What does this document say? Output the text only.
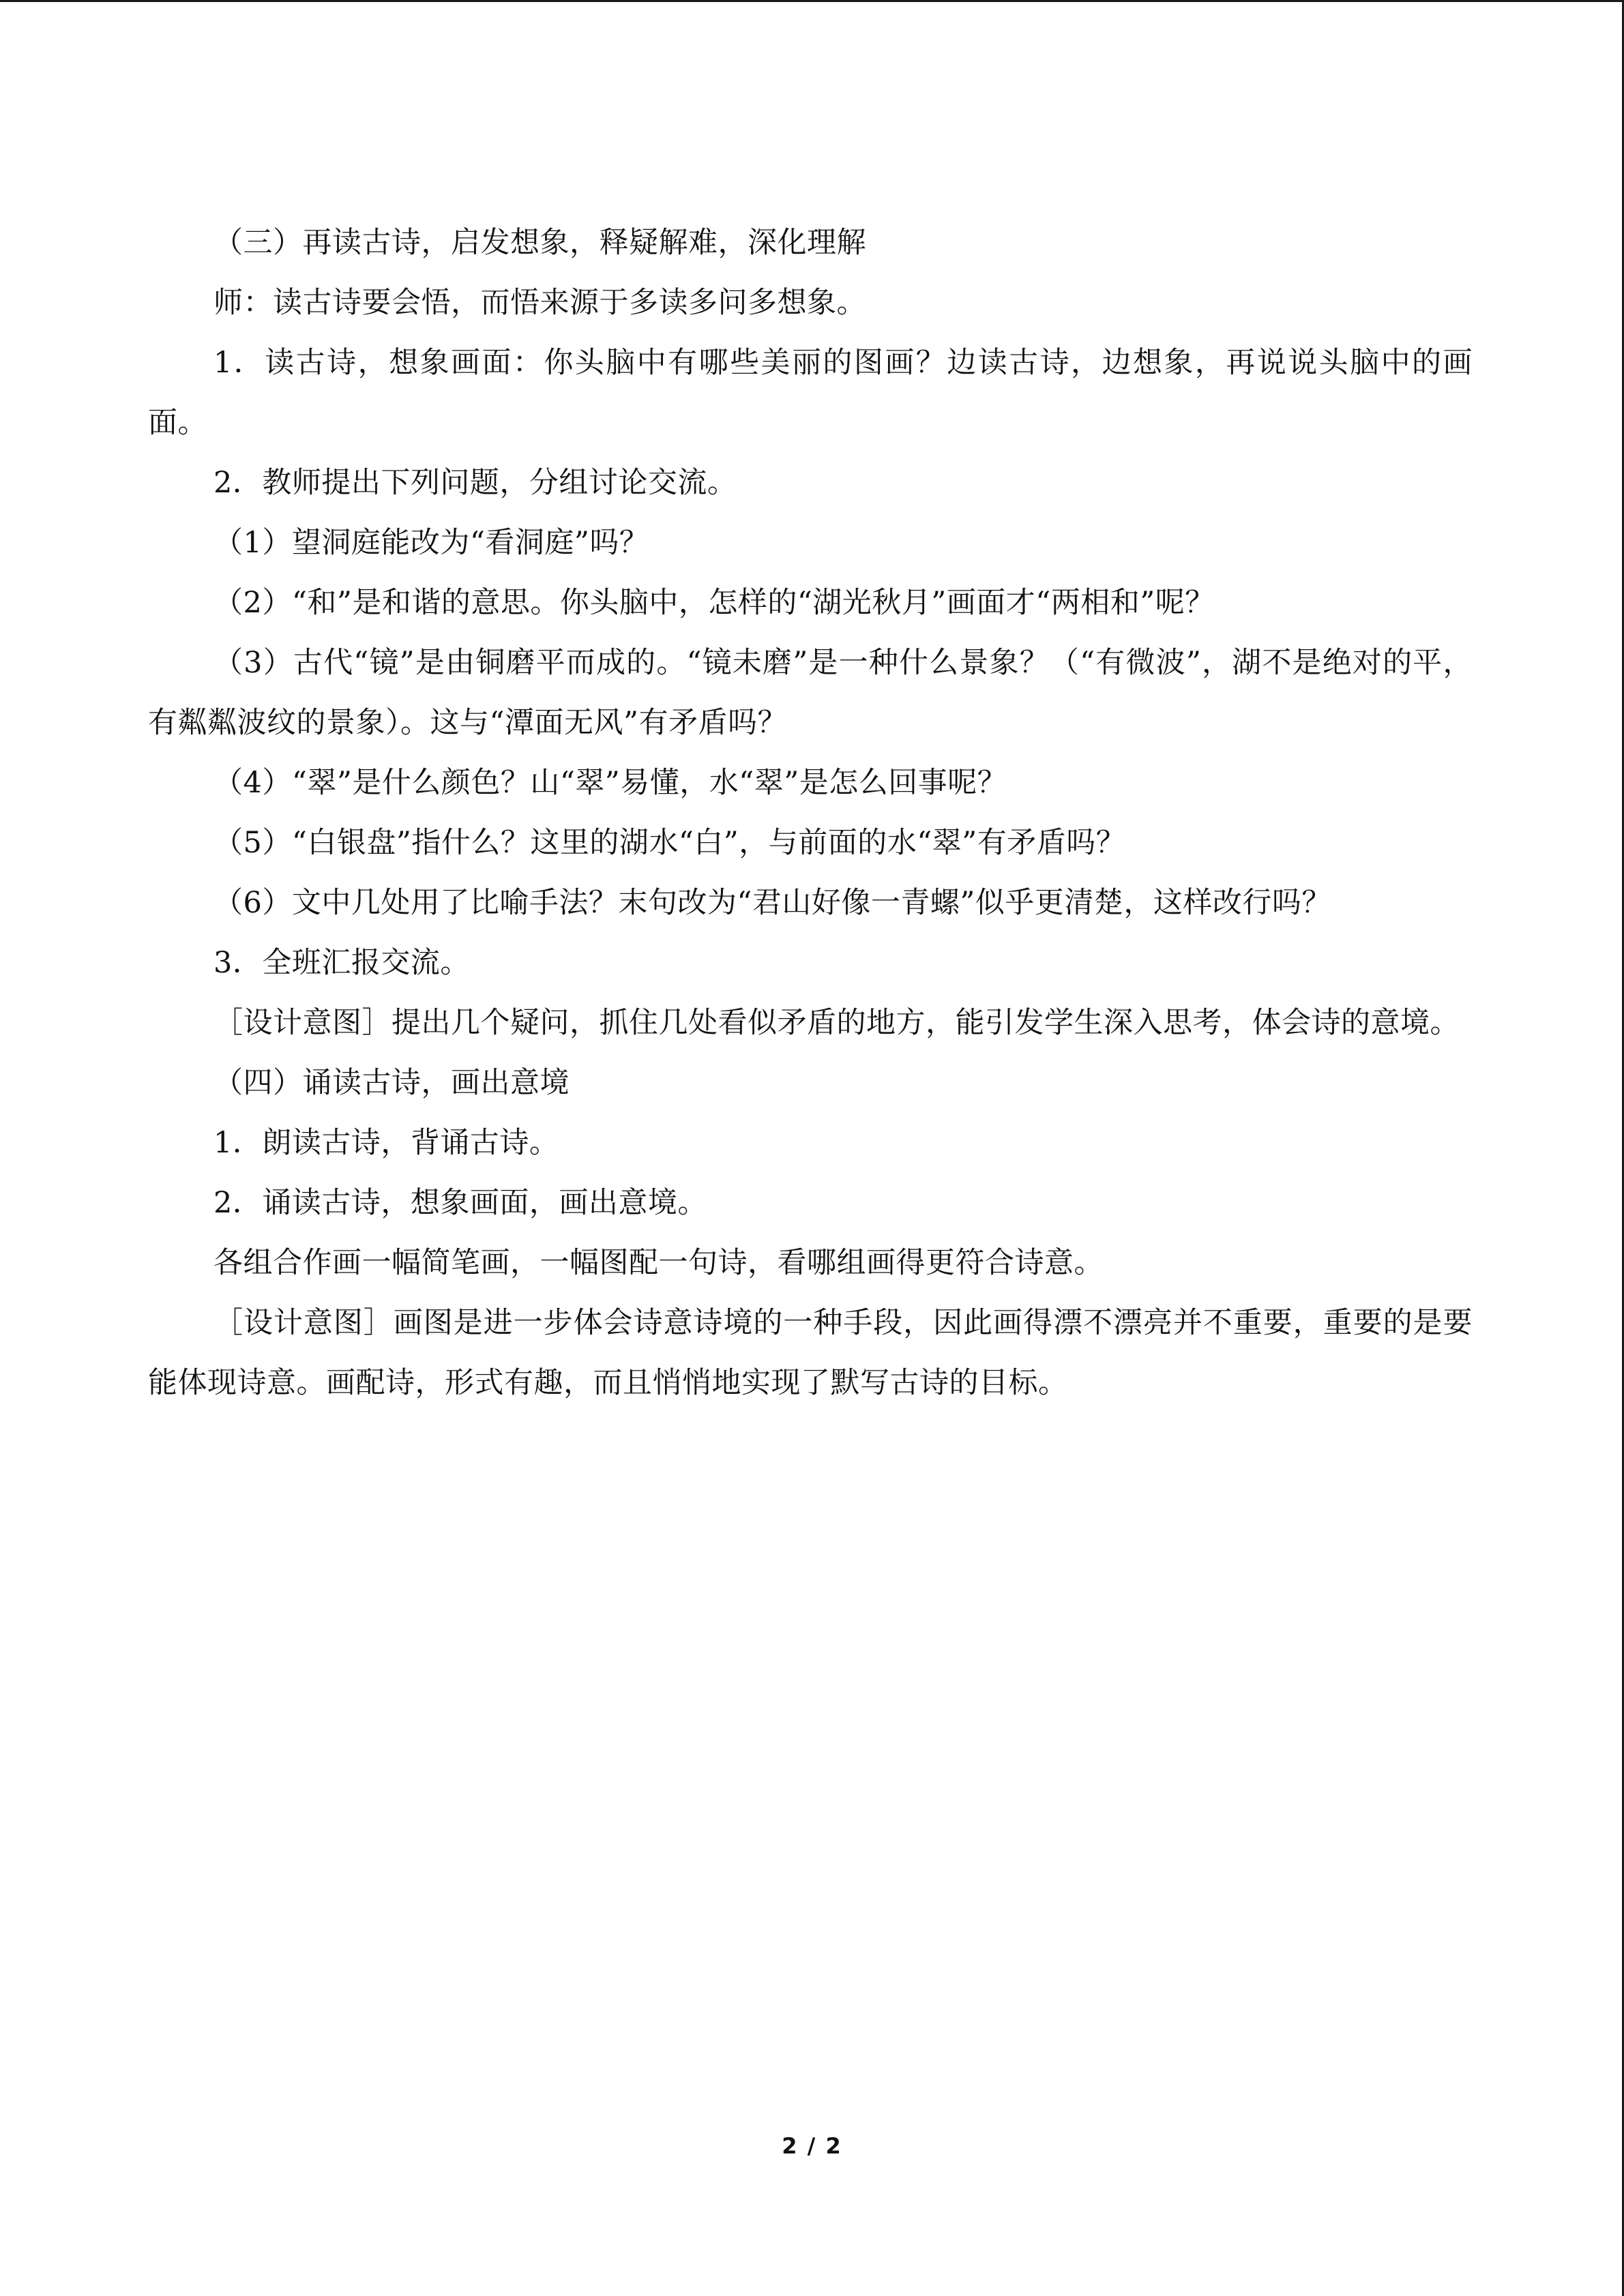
（三）再读古诗，启发想象，释疑解难，深化理解

师：读古诗要会悟，而悟来源于多读多问多想象。

1．读古诗，想象画面：你头脑中有哪些美丽的图画？边读古诗，边想象，再说说头脑中的画面。

2．教师提出下列问题，分组讨论交流。

（1）望洞庭能改为“看洞庭”吗？

（2）“和”是和谐的意思。你头脑中，怎样的“湖光秋月”画面才“两相和”呢？

（3）古代“镜”是由铜磨平而成的。“镜未磨”是一种什么景象？（“有微波”，湖不是绝对的平，有粼粼波纹的景象）。这与“潭面无风”有矛盾吗？

（4）“翠”是什么颜色？山“翠”易懂，水“翠”是怎么回事呢？

（5）“白银盘”指什么？这里的湖水“白”，与前面的水“翠”有矛盾吗？

（6）文中几处用了比喻手法？末句改为“君山好像一青螺”似乎更清楚，这样改行吗？

3．全班汇报交流。

［设计意图］提出几个疑问，抓住几处看似矛盾的地方，能引发学生深入思考，体会诗的意境。

（四）诵读古诗，画出意境

1．朗读古诗，背诵古诗。

2．诵读古诗，想象画面，画出意境。

各组合作画一幅简笔画，一幅图配一句诗，看哪组画得更符合诗意。

［设计意图］画图是进一步体会诗意诗境的一种手段，因此画得漂不漂亮并不重要，重要的是要能体现诗意。画配诗，形式有趣，而且悄悄地实现了默写古诗的目标。

2 / 2
